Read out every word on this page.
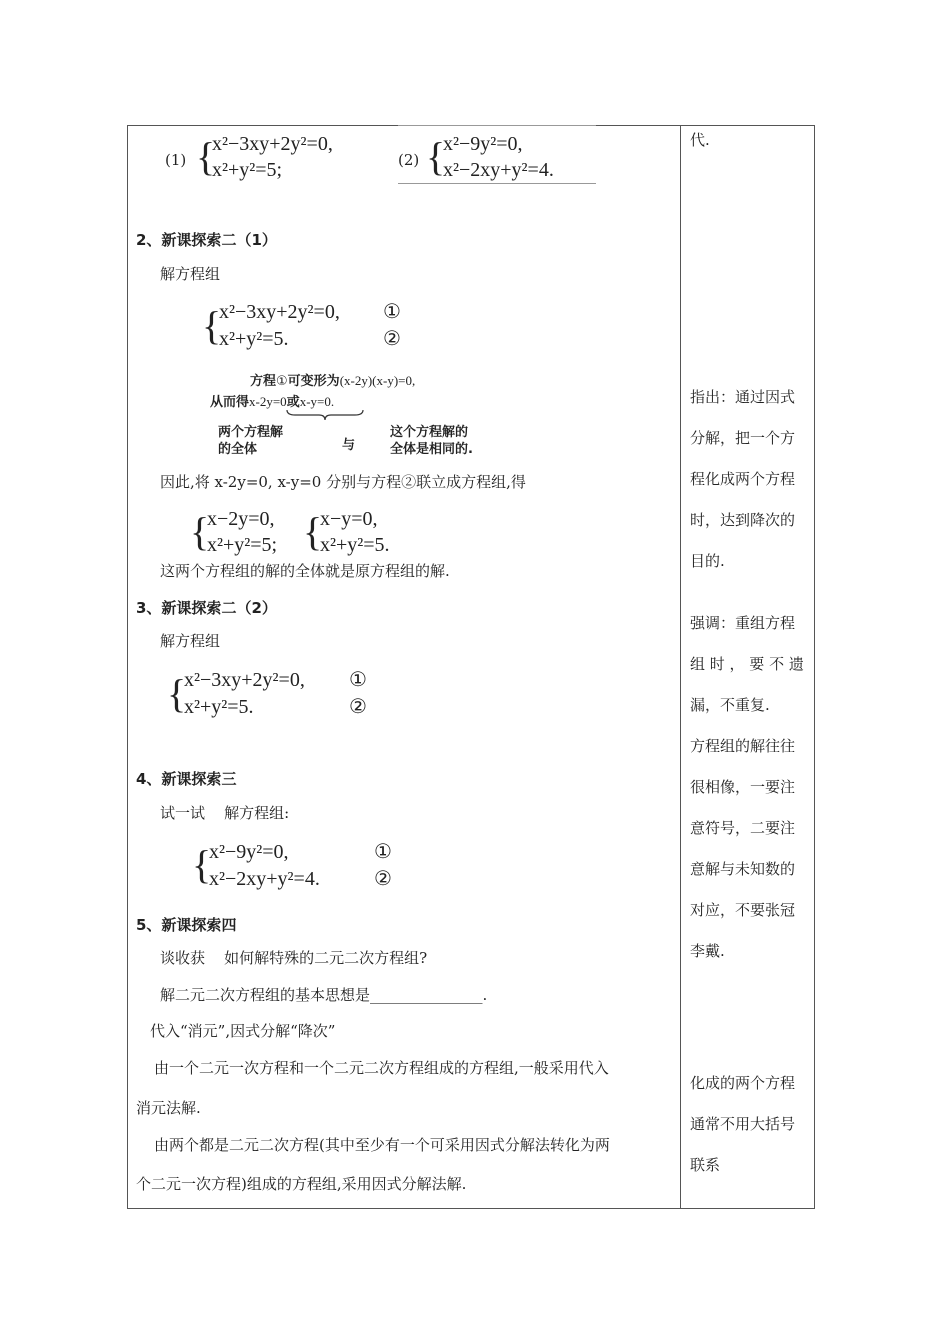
(1) {
x²−3xy+2y²=0,
x²+y²=5;	(2) {
x²−9y²=0,
x²−2xy+y²=4.
2、新课探索二（1）
解方程组
{
x²−3xy+2y²=0,
x²+y²=5.
①
②
方程①可变形为(x-2y)(x-y)=0,
从而得x-2y=0或x-y=0.
两个方程解
的全体	与
这个方程解的
全体是相同的.
因此,将 x-2y=0, x-y=0 分别与方程②联立成方程组,得
{
x−2y=0,
x²+y²=5; {
x−y=0,
x²+y²=5.
这两个方程组的解的全体就是原方程组的解.
3、新课探索二（2）
解方程组
{
x²−3xy+2y²=0,
x²+y²=5.
①
②
4、新课探索三
试一试    解方程组:
{
x²−9y²=0,
x²−2xy+y²=4.
①
②
5、新课探索四
谈收获    如何解特殊的二元二次方程组?
解二元二次方程组的基本思想是_______________.
代入“消元”,因式分解“降次”
由一个二元一次方程和一个二元二次方程组成的方程组,一般采用代入
消元法解.
由两个都是二元二次方程(其中至少有一个可采用因式分解法转化为两
个二元一次方程)组成的方程组,采用因式分解法解.
代.
指出：通过因式
分解，把一个方
程化成两个方程
时，达到降次的
目的.
强调：重组方程
组 时 ， 要 不 遗
漏，不重复.
方程组的解往往
很相像，一要注
意符号，二要注
意解与未知数的
对应，不要张冠
李戴.
化成的两个方程
通常不用大括号
联系
